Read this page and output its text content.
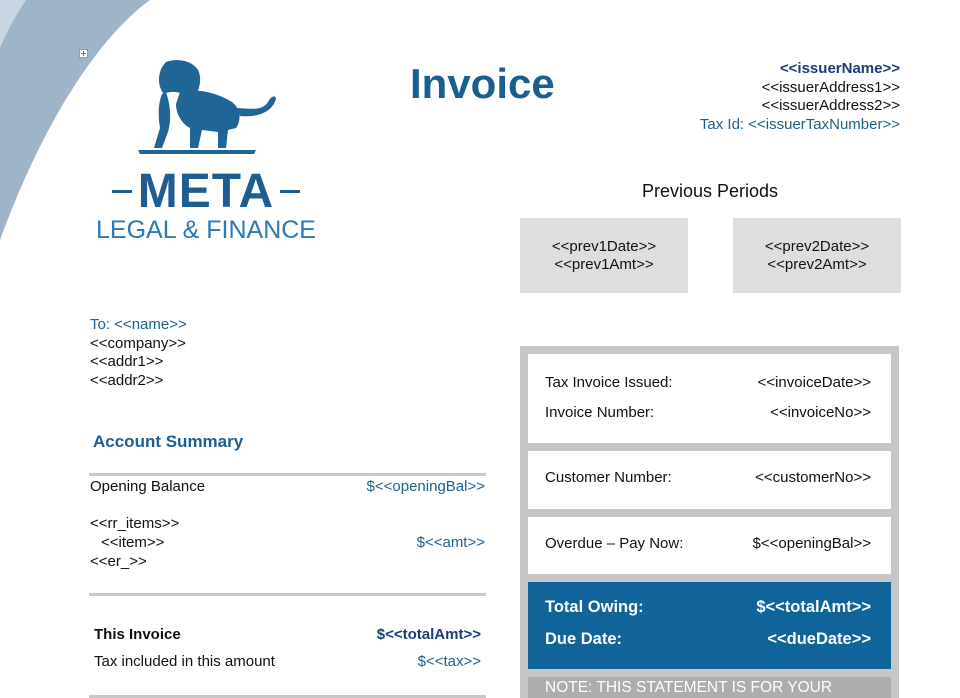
META
LEGAL & FINANCE
Invoice	<<issuerName>>
<<issuerAddress1>>
<<issuerAddress2>>
Tax Id: <<issuerTaxNumber>>
Previous Periods
<<prev1Date>>
<<prev1Amt>>
<<prev2Date>>
<<prev2Amt>>
To: <<name>>
<<company>>
<<addr1>>
<<addr2>>
Account Summary
Opening Balance	$<<openingBal>>
<<rr_items>>
<<item>>	$<<amt>>
<<er_>>
This Invoice	$<<totalAmt>>
Tax included in this amount	$<<tax>>
Tax Invoice Issued:	<<invoiceDate>>
Invoice Number:	<<invoiceNo>>
Customer Number:	<<customerNo>>
Overdue – Pay Now:	$<<openingBal>>
Total Owing:	$<<totalAmt>>
Due Date:	<<dueDate>>
NOTE: THIS STATEMENT IS FOR YOUR
